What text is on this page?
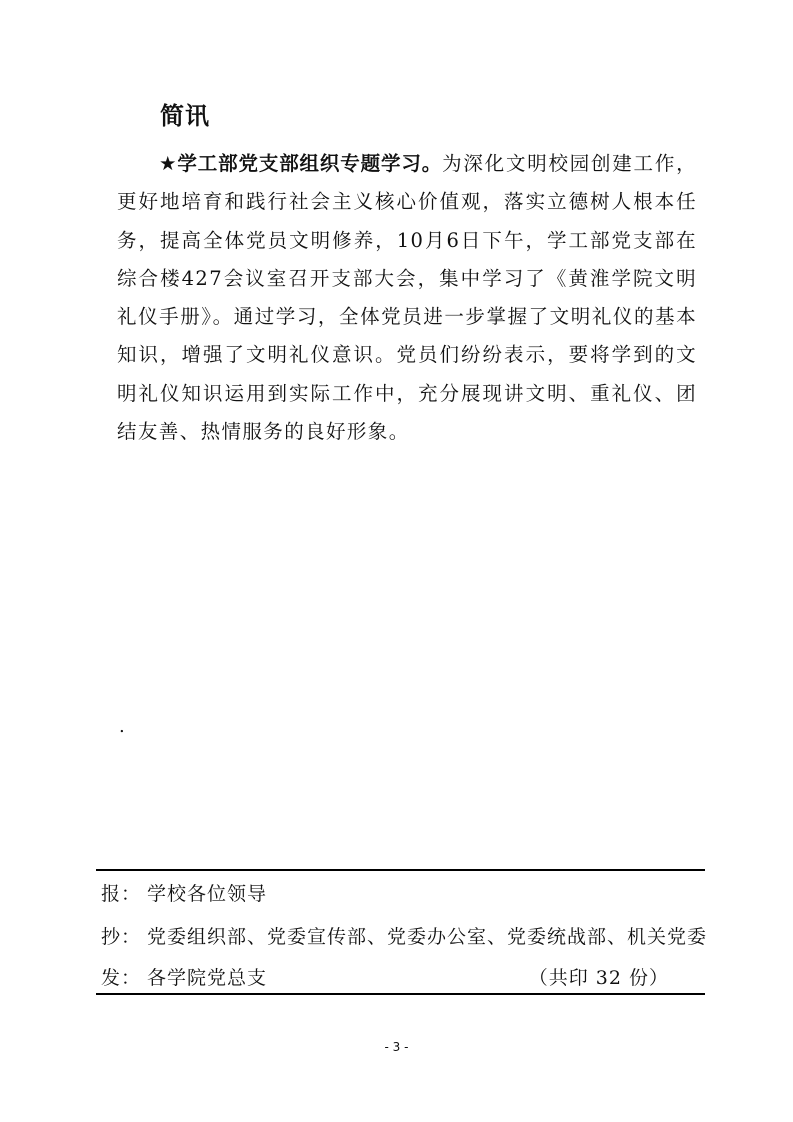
简讯

★学工部党支部组织专题学习。为深化文明校园创建工作，更好地培育和践行社会主义核心价值观，落实立德树人根本任务，提高全体党员文明修养，10月6日下午，学工部党支部在综合楼427会议室召开支部大会，集中学习了《黄淮学院文明礼仪手册》。通过学习，全体党员进一步掌握了文明礼仪的基本知识，增强了文明礼仪意识。党员们纷纷表示，要将学到的文明礼仪知识运用到实际工作中，充分展现讲文明、重礼仪、团结友善、热情服务的良好形象。

.
报： 学校各位领导
抄： 党委组织部、党委宣传部、党委办公室、党委统战部、机关党委
发： 各学院党总支	（共印 32 份）
- 3 -
